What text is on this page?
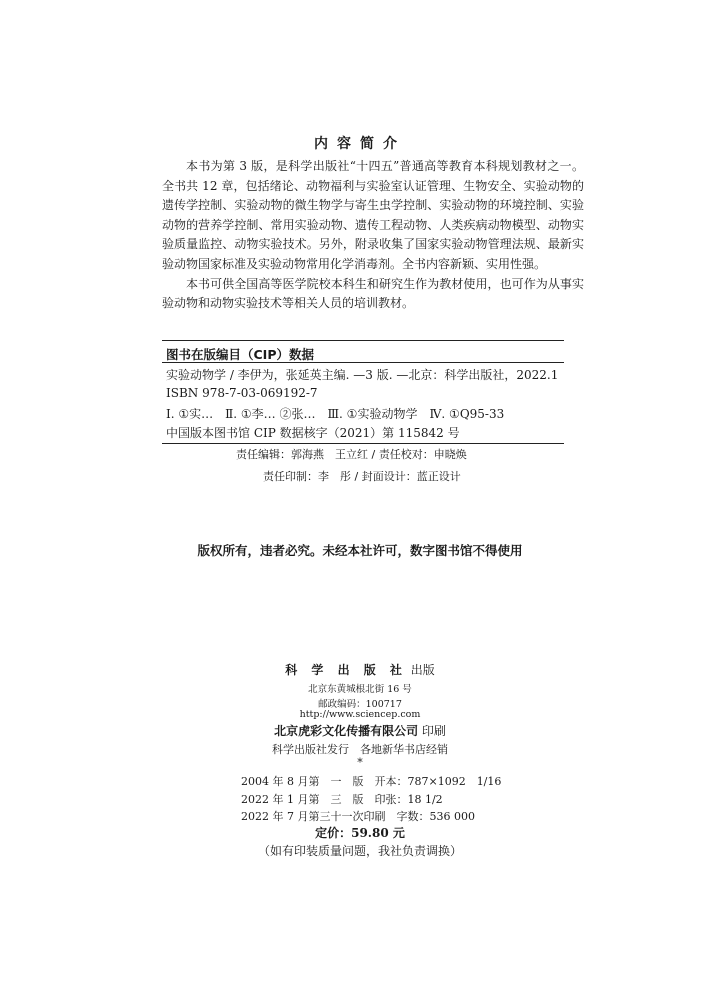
内容简介

本书为第 3 版，是科学出版社“十四五”普通高等教育本科规划教材之一。全书共 12 章，包括绪论、动物福利与实验室认证管理、生物安全、实验动物的遗传学控制、实验动物的微生物学与寄生虫学控制、实验动物的环境控制、实验动物的营养学控制、常用实验动物、遗传工程动物、人类疾病动物模型、动物实验质量监控、动物实验技术。另外，附录收集了国家实验动物管理法规、最新实验动物国家标准及实验动物常用化学消毒剂。全书内容新颖、实用性强。

本书可供全国高等医学院校本科生和研究生作为教材使用，也可作为从事实验动物和动物实验技术等相关人员的培训教材。

图书在版编目（CIP）数据
实验动物学 / 李伊为，张延英主编. —3 版. —北京：科学出版社，2022.1
ISBN 978-7-03-069192-7
Ⅰ. ①实…　Ⅱ. ①李… ②张…　Ⅲ. ①实验动物学　Ⅳ. ①Q95-33
中国版本图书馆 CIP 数据核字（2021）第 115842 号
责任编辑：郭海燕　王立红 / 责任校对：申晓焕
责任印制：李　彤 / 封面设计：蓝正设计
版权所有，违者必究。未经本社许可，数字图书馆不得使用
科 学 出 版 社 出版
北京东黄城根北街 16 号
邮政编码：100717
http://www.sciencep.com
北京虎彩文化传播有限公司 印刷
科学出版社发行　各地新华书店经销
*
2004 年 8 月第　一　版　开本：787×1092　1/16
2022 年 1 月第　三　版　印张：18 1/2
2022 年 7 月第三十一次印刷　字数：536 000
定价：59.80 元
（如有印装质量问题，我社负责调换）
